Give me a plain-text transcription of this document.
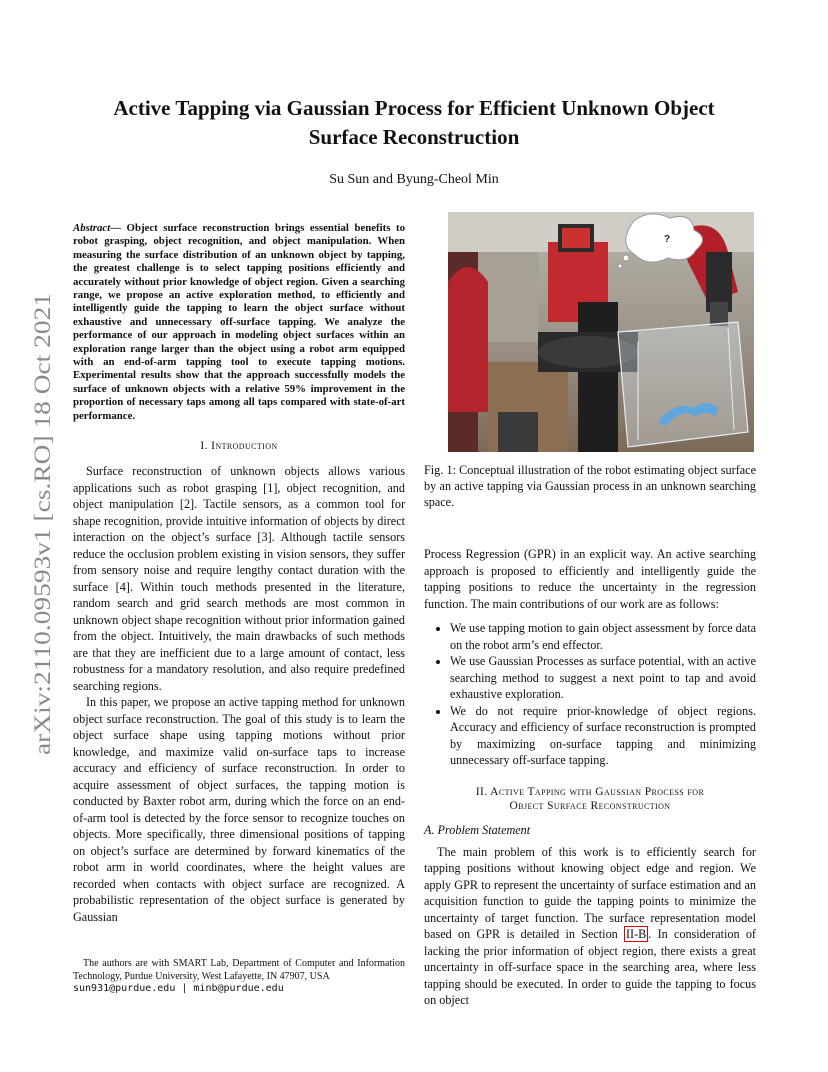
arXiv:2110.09593v1 [cs.RO] 18 Oct 2021
Active Tapping via Gaussian Process for Efficient Unknown Object
Surface Reconstruction
Su Sun and Byung-Cheol Min

Abstract— Object surface reconstruction brings essential benefits to robot grasping, object recognition, and object manipulation. When measuring the surface distribution of an unknown object by tapping, the greatest challenge is to select tapping positions efficiently and accurately without prior knowledge of object region. Given a searching range, we propose an active exploration method, to efficiently and intelligently guide the tapping to learn the object surface without exhaustive and unnecessary off-surface tapping. We analyze the performance of our approach in modeling object surfaces within an exploration range larger than the object using a robot arm equipped with an end-of-arm tapping tool to execute tapping motions. Experimental results show that the approach successfully models the surface of unknown objects with a relative 59% improvement in the proportion of necessary taps among all taps compared with state-of-art performance.

I. Introduction

Surface reconstruction of unknown objects allows various applications such as robot grasping [1], object recognition, and object manipulation [2]. Tactile sensors, as a common tool for shape recognition, provide intuitive information of objects by direct interaction on the object’s surface [3]. Although tactile sensors reduce the occlusion problem existing in vision sensors, they suffer from sensory noise and require lengthy contact duration with the surface [4]. Within touch methods presented in the literature, random search and grid search methods are most common in unknown object shape recognition without prior information gained from the object. Intuitively, the main drawbacks of such methods are that they are inefficient due to a large amount of contact, less robustness for a mandatory resolution, and also require predefined searching regions.

In this paper, we propose an active tapping method for unknown object surface reconstruction. The goal of this study is to learn the object surface shape using tapping motions without prior knowledge, and maximize valid on-surface taps to increase accuracy and efficiency of surface reconstruction. In order to acquire assessment of object surfaces, the tapping motion is conducted by Baxter robot arm, during which the force on an end-of-arm tool is detected by the force sensor to recognize touches on objects. More specifically, three dimensional positions of tapping on object’s surface are determined by forward kinematics of the robot arm in world coordinates, where the height values are recorded when contacts with object surface are recognized. A probabilistic representation of the object surface is generated by Gaussian

The authors are with SMART Lab, Department of Computer and Information Technology, Purdue University, West Lafayette, IN 47907, USA
sun931@purdue.edu | minb@purdue.edu
?

Fig. 1: Conceptual illustration of the robot estimating object surface by an active tapping via Gaussian process in an unknown searching space.

Process Regression (GPR) in an explicit way. An active searching approach is proposed to efficiently and intelligently guide the tapping positions to reduce the uncertainty in the regression function. The main contributions of our work are as follows:

• We use tapping motion to gain object assessment by force data on the robot arm’s end effector.
• We use Gaussian Processes as surface potential, with an active searching method to suggest a next point to tap and avoid exhaustive exploration.
• We do not require prior-knowledge of object regions. Accuracy and efficiency of surface reconstruction is prompted by maximizing on-surface tapping and minimizing unnecessary off-surface tapping.
II. Active Tapping with Gaussian Process for
Object Surface Reconstruction
A. Problem Statement

The main problem of this work is to efficiently search for tapping positions without knowing object edge and region. We apply GPR to represent the uncertainty of surface estimation and an acquisition function to guide the tapping points to minimize the uncertainty of target function. The surface representation model based on GPR is detailed in Section II-B . In consideration of lacking the prior information of object region, there exists a great uncertainty in off-surface space in the searching area, where less tapping should be executed. In order to guide the tapping to focus on object
